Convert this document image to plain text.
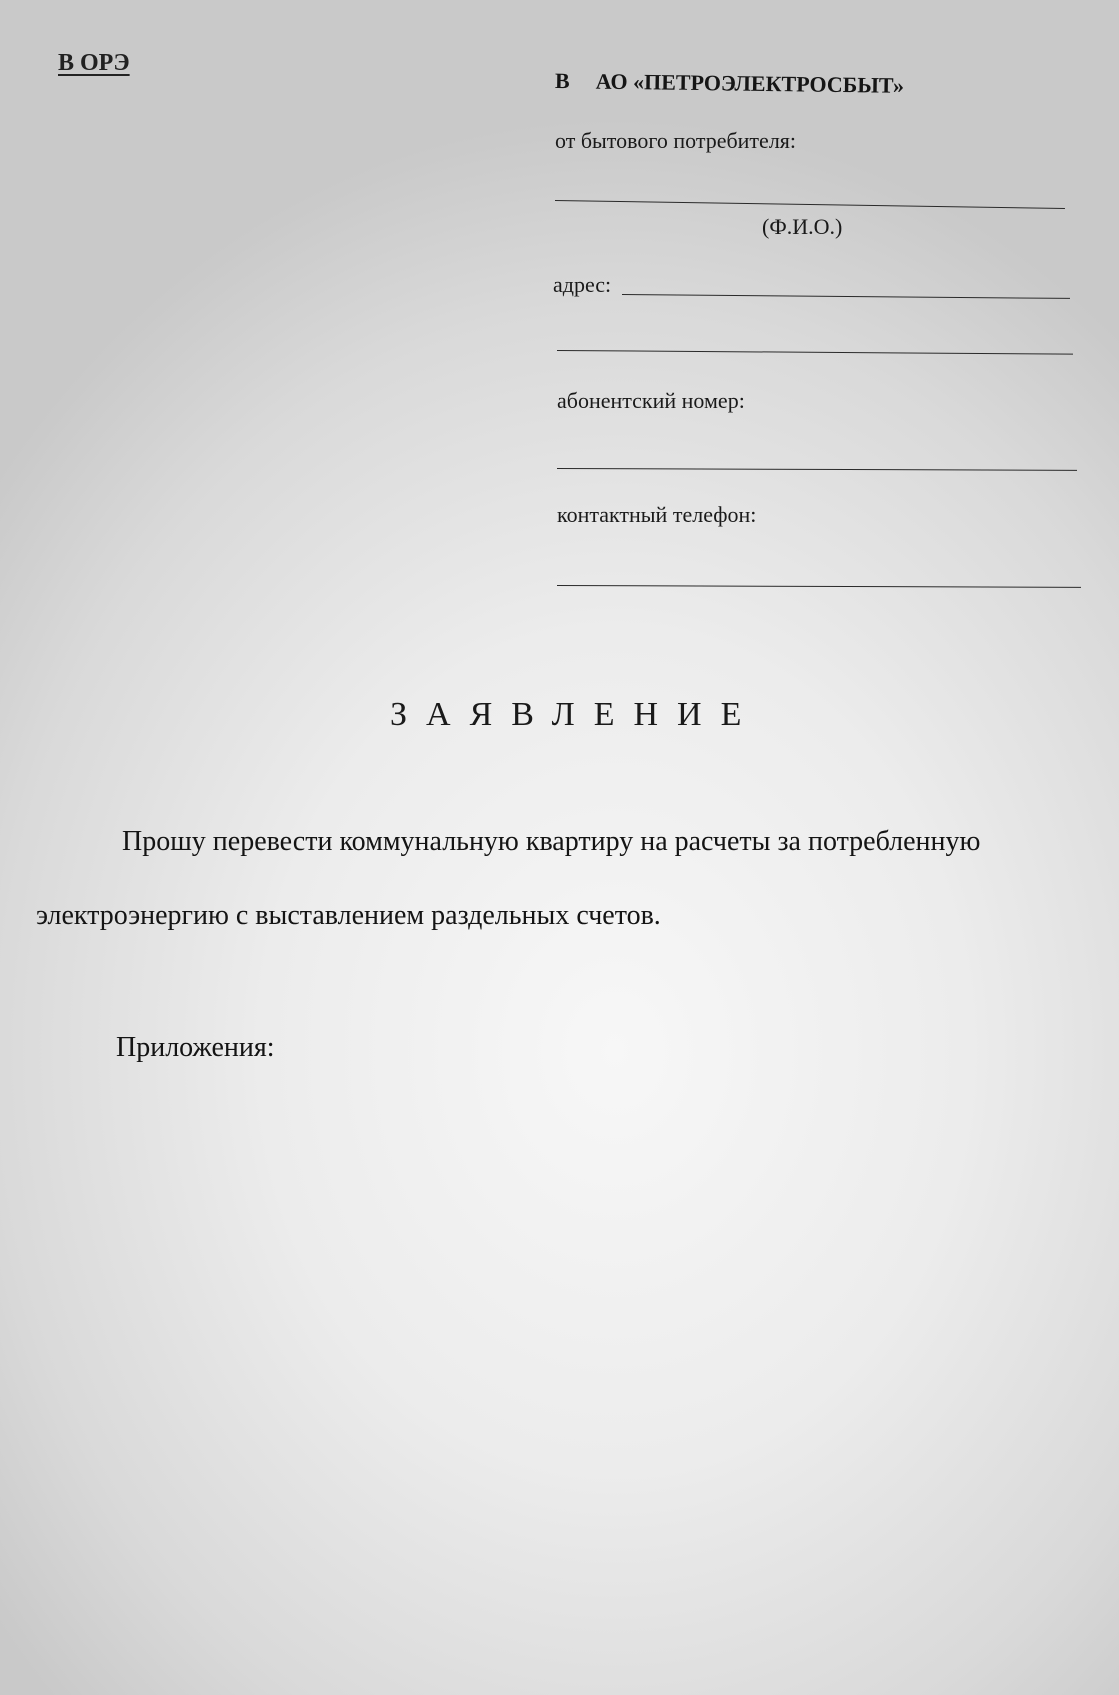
В ОРЭ
В АО «ПЕТРОЭЛЕКТРОСБЫТ»
от бытового потребителя:
(Ф.И.О.)
адрес:
абонентский номер:
контактный телефон:
ЗАЯВЛЕНИЕ
Прошу перевести коммунальную квартиру на расчеты за потребленную
электроэнергию с выставлением раздельных счетов.
Приложения:
